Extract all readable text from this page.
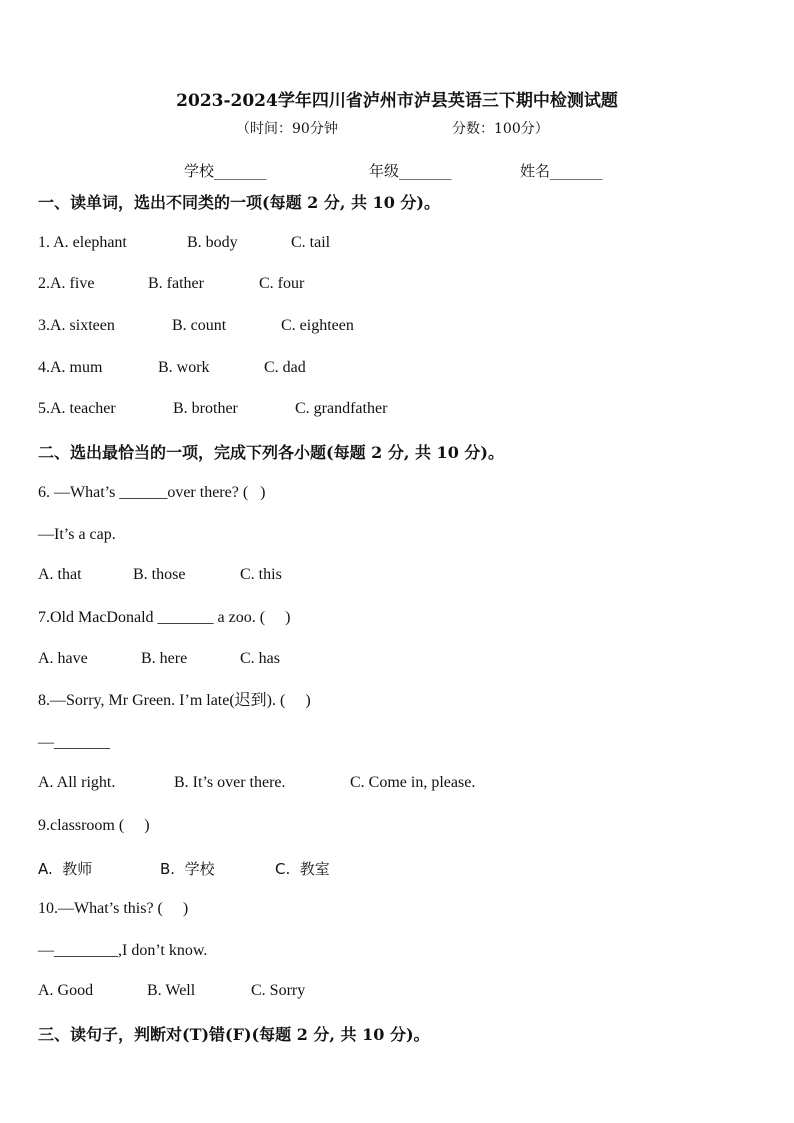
2023-2024学年四川省泸州市泸县英语三下期中检测试题
（时间：90分钟	分数：100分）
学校_______	年级_______	姓名_______
一、读单词，选出不同类的一项(每题 2 分, 共 10 分)。
1. A. elephant	B. body	C. tail
2.A. five	B. father	C. four
3.A. sixteen	B. count	C. eighteen
4.A. mum	B. work	C. dad
5.A. teacher	B. brother	C. grandfather
二、选出最恰当的一项，完成下列各小题(每题 2 分, 共 10 分)。
6. —What’s ______over there? (   )
—It’s a cap.
A. that	B. those	C. this
7.Old MacDonald _______ a zoo. (     )
A. have	B. here	C. has
8.—Sorry, Mr Green. I’m late(迟到). (     )
—_______
A. All right.	B. It’s over there.	C. Come in, please.
9.classroom (     )
A.  教师	B.  学校	C.  教室
10.—What’s this? (     )
—________,I don’t know.
A. Good	B. Well	C. Sorry
三、读句子，判断对(T)错(F)(每题 2 分, 共 10 分)。
